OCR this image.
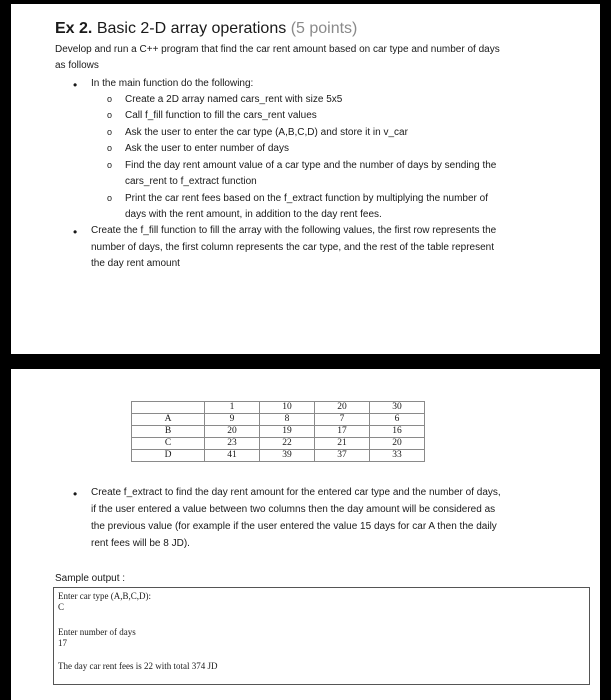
Ex 2. Basic 2-D array operations (5 points)

Develop and run a C++ program that find the car rent amount based on car type and number of days

as follows

•

In the main function do the following:

o

Create a 2D array named cars_rent with size 5x5

o

Call f_fill function to fill the cars_rent values

o

Ask the user to enter the car type (A,B,C,D) and store it in v_car

o

Ask the user to enter number of days

o

Find the day rent amount value of a car type and the number of days by sending the

cars_rent to f_extract function

o

Print the car rent fees based on the f_extract function by multiplying the number of

days with the rent amount, in addition to the day rent fees.

•

Create the f_fill function to fill the array with the following values, the first row represents the

number of days, the first column represents the car type, and the rest of the table represent

the day rent amount

	1	10	20	30
A	9	8	7	6
B	20	19	17	16
C	23	22	21	20
D	41	39	37	33
•

Create f_extract to find the day rent amount for the entered car type and the number of days,

if the user entered a value between two columns then the day amount will be considered as

the previous value (for example if the user entered the value 15 days for car A then the daily

rent fees will be 8 JD).

Sample output :
Enter car type (A,B,C,D):
C
Enter number of days
17
The day car rent fees is 22 with total 374 JD
